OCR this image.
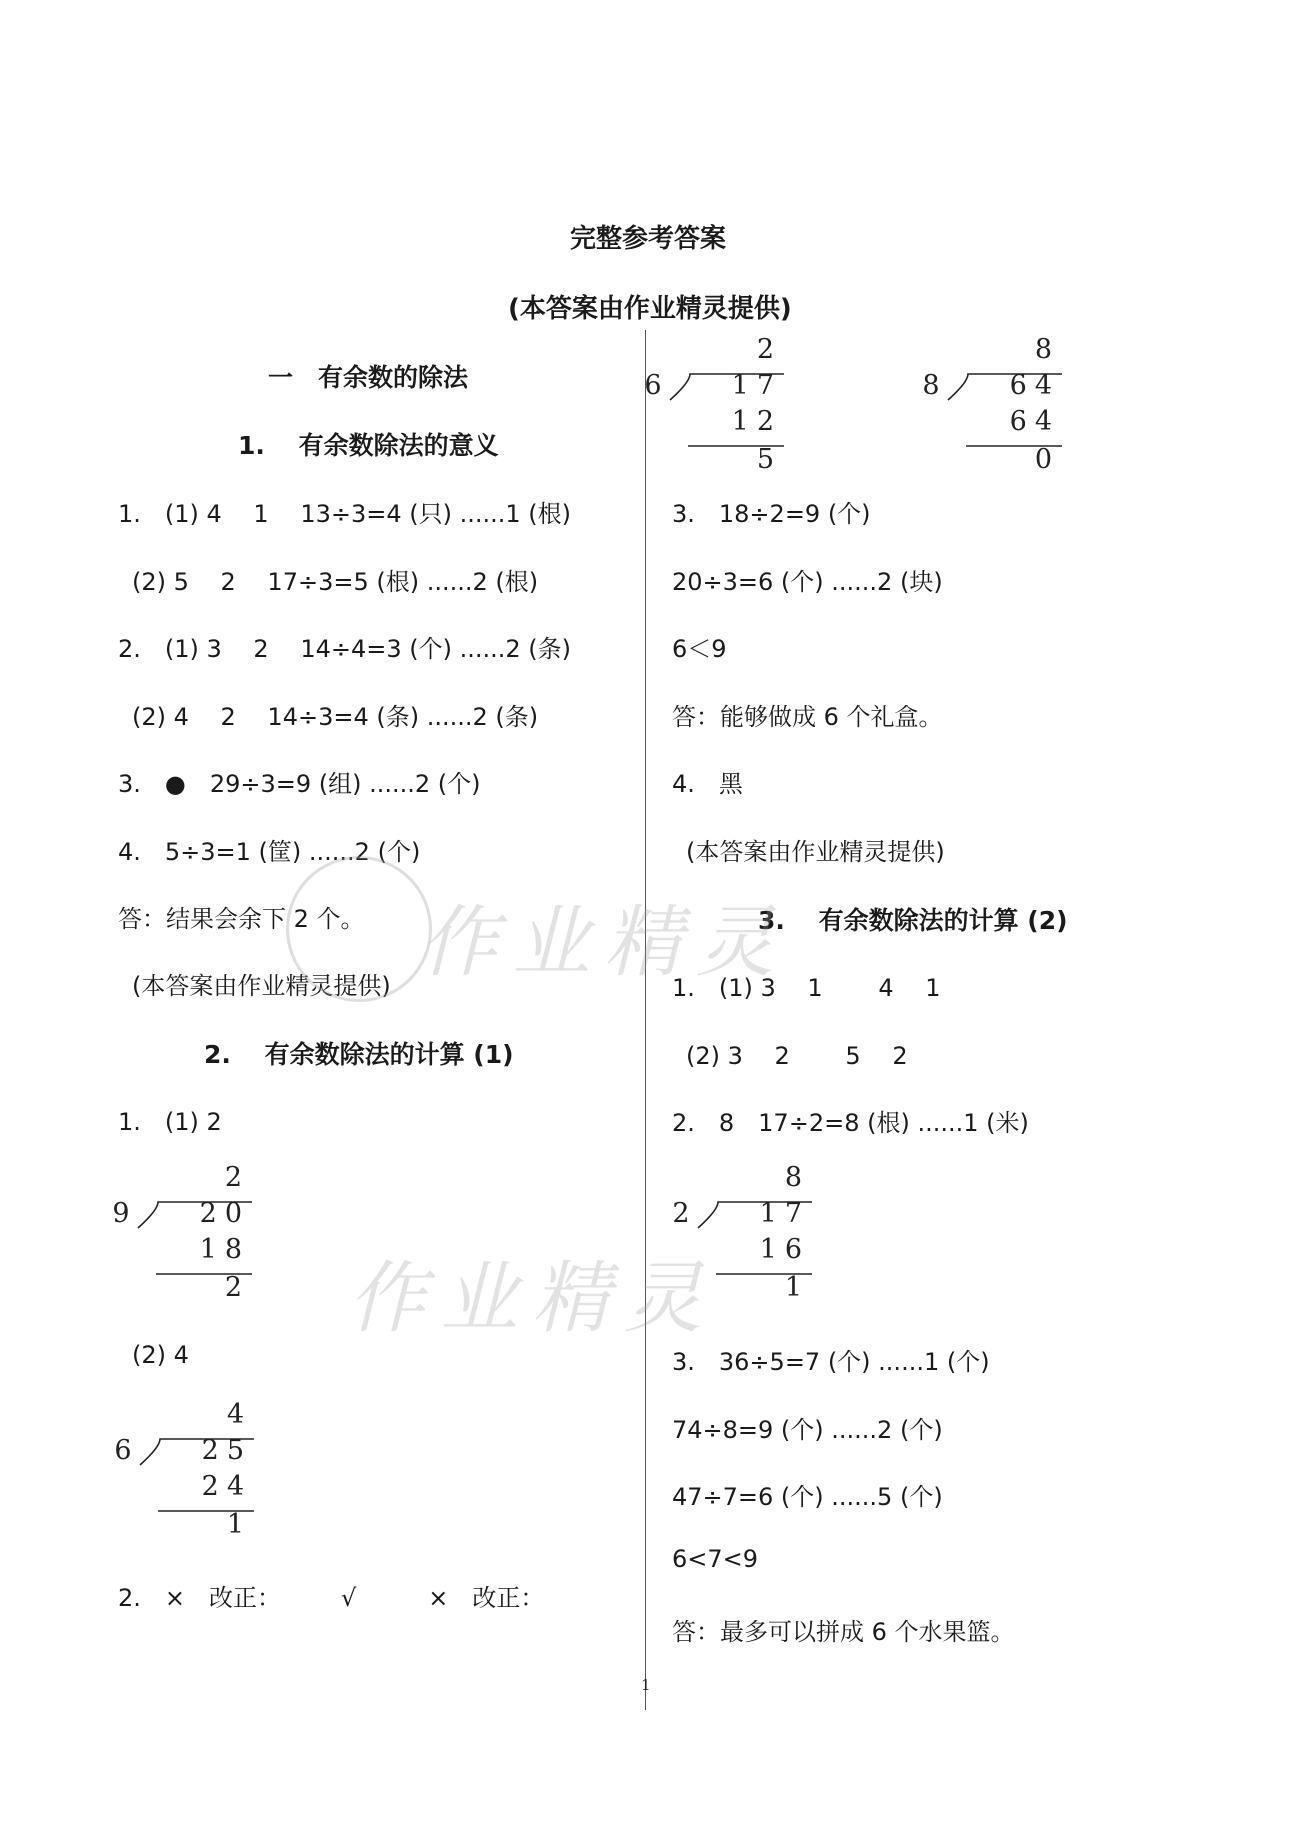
完整参考答案
(本答案由作业精灵提供)
一　有余数的除法
1.　 有余数除法的意义
1.　(1) 4　 1　 13÷3=4 (只) ......1 (根)
(2) 5　 2　 17÷3=5 (根) ......2 (根)
2.　(1) 3　 2　 14÷4=3 (个) ......2 (条)
(2) 4　 2　 14÷3=4 (条) ......2 (条)
3.　●　29÷3=9 (组) ......2 (个)
4.　5÷3=1 (筐) ......2 (个)
答：结果会余下 2 个。
(本答案由作业精灵提供)
2.　 有余数除法的计算 (1)
1.　(1) 2
2
9	20
18
2
(2) 4
4
6	25
24
1
2.　×　改正：　　　√　　　×　改正：
2
6	17
12
5
8
8	64
64
0
3.　18÷2=9 (个)
20÷3=6 (个) ......2 (块)
6＜9
答：能够做成 6 个礼盒。
4.　黑
(本答案由作业精灵提供)
3.　 有余数除法的计算 (2)
1.　(1) 3　 1　　 4　 1
(2) 3　 2　　 5　 2
2.　8　17÷2=8 (根) ......1 (米)
8
2	17
16
1
3.　36÷5=7 (个) ......1 (个)
74÷8=9 (个) ......2 (个)
47÷7=6 (个) ......5 (个)
6<7<9
答：最多可以拼成 6 个水果篮。
作业精灵
作业精灵
1
